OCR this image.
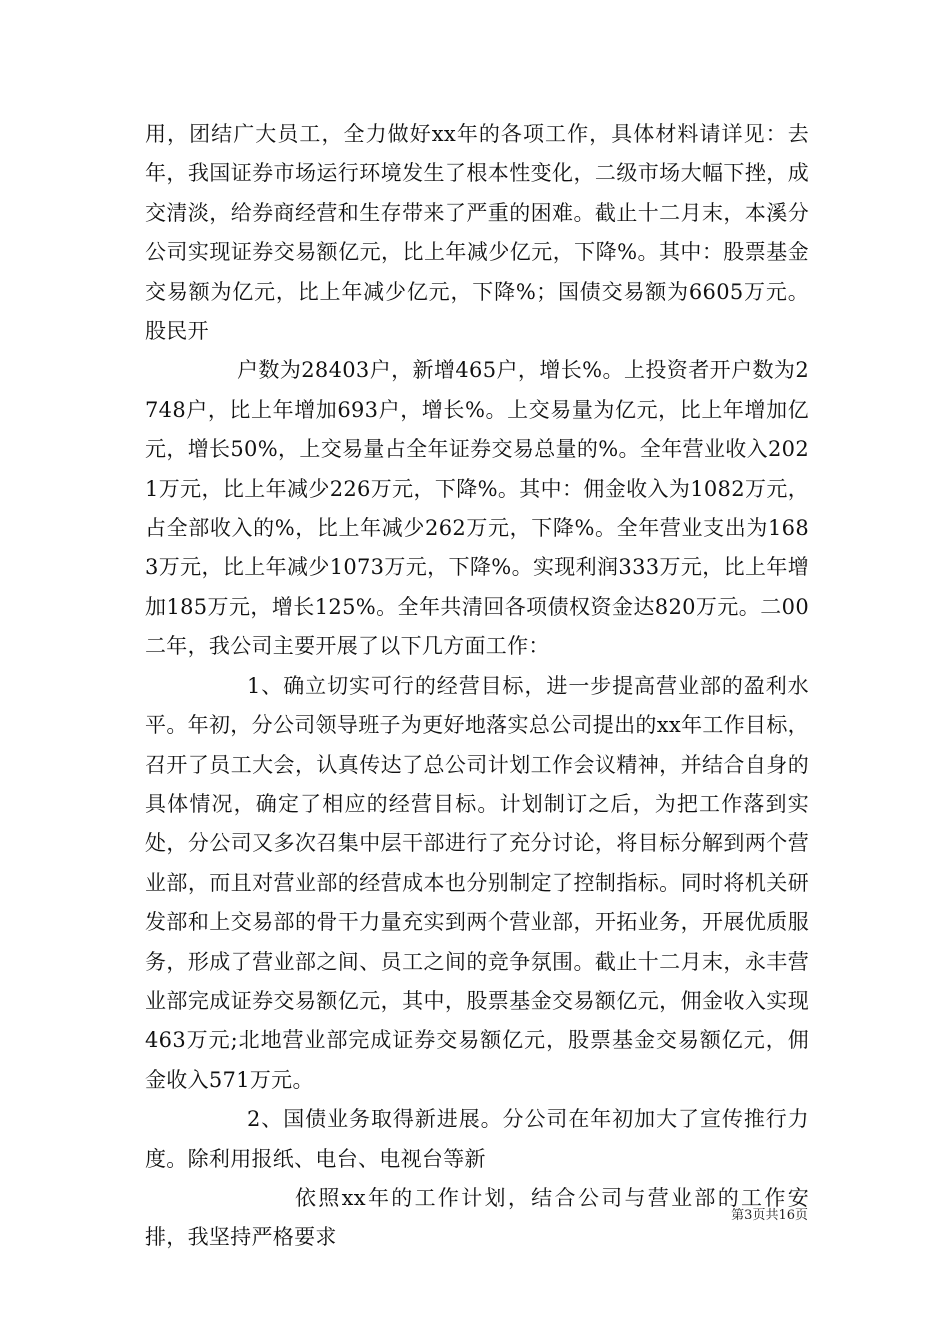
用，团结广大员工，全力做好xx年的各项工作，具体材料请详见：去年，我国证券市场运行环境发生了根本性变化，二级市场大幅下挫，成交清淡，给券商经营和生存带来了严重的困难。截止十二月末，本溪分公司实现证券交易额亿元，比上年减少亿元，下降%。其中：股票基金交易额为亿元，比上年减少亿元，下降%；国债交易额为6605万元。股民开

户数为28403户，新增465户，增长%。上投资者开户数为2748户，比上年增加693户，增长%。上交易量为亿元，比上年增加亿元，增长50%，上交易量占全年证券交易总量的%。全年营业收入2021万元，比上年减少226万元，下降%。其中：佣金收入为1082万元，占全部收入的%，比上年减少262万元，下降%。全年营业支出为1683万元，比上年减少1073万元，下降%。实现利润333万元，比上年增加185万元，增长125%。全年共清回各项债权资金达820万元。二00二年，我公司主要开展了以下几方面工作：

1、确立切实可行的经营目标，进一步提高营业部的盈利水平。年初，分公司领导班子为更好地落实总公司提出的xx年工作目标，召开了员工大会，认真传达了总公司计划工作会议精神，并结合自身的具体情况，确定了相应的经营目标。计划制订之后，为把工作落到实处，分公司又多次召集中层干部进行了充分讨论，将目标分解到两个营业部，而且对营业部的经营成本也分别制定了控制指标。同时将机关研发部和上交易部的骨干力量充实到两个营业部，开拓业务，开展优质服务，形成了营业部之间、员工之间的竞争氛围。截止十二月末，永丰营业部完成证券交易额亿元，其中，股票基金交易额亿元，佣金收入实现463万元;北地营业部完成证券交易额亿元，股票基金交易额亿元，佣金收入571万元。

2、国债业务取得新进展。分公司在年初加大了宣传推行力度。除利用报纸、电台、电视台等新

依照xx年的工作计划，结合公司与营业部的工作安排，我坚持严格要求

第3页共16页
